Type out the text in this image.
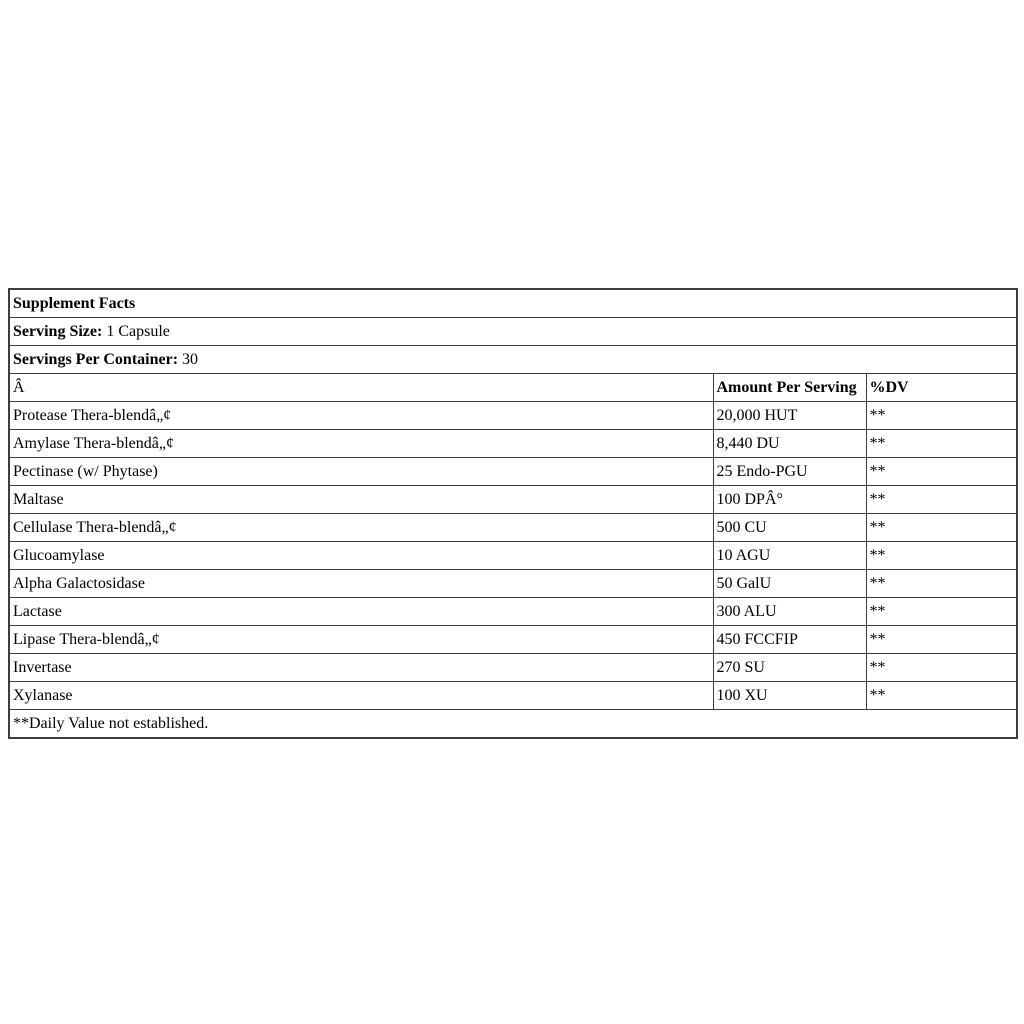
Supplement Facts		
Serving Size: 1 Capsule		
Servings Per Container: 30		
Â	Amount Per Serving	%DV
Protease Thera-blendâ„¢	20,000 HUT	**
Amylase Thera-blendâ„¢	8,440 DU	**
Pectinase (w/ Phytase)	25 Endo-PGU	**
Maltase	100 DPÂ°	**
Cellulase Thera-blendâ„¢	500 CU	**
Glucoamylase	10 AGU	**
Alpha Galactosidase	50 GalU	**
Lactase	300 ALU	**
Lipase Thera-blendâ„¢	450 FCCFIP	**
Invertase	270 SU	**
Xylanase	100 XU	**
**Daily Value not established.		
